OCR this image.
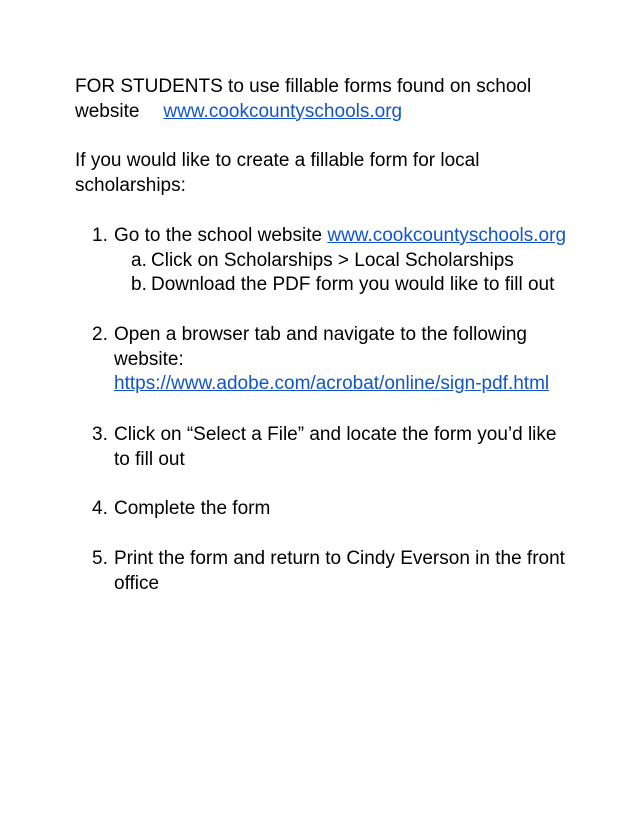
FOR STUDENTS to use fillable forms found on school
website www.cookcountyschools.org
If you would like to create a fillable form for local
scholarships:
1. Go to the school website www.cookcountyschools.org
a. Click on Scholarships > Local Scholarships
b. Download the PDF form you would like to fill out
2. Open a browser tab and navigate to the following
website:
https://www.adobe.com/acrobat/online/sign-pdf.html
3. Click on “Select a File” and locate the form you’d like
to fill out
4. Complete the form
5. Print the form and return to Cindy Everson in the front
office
